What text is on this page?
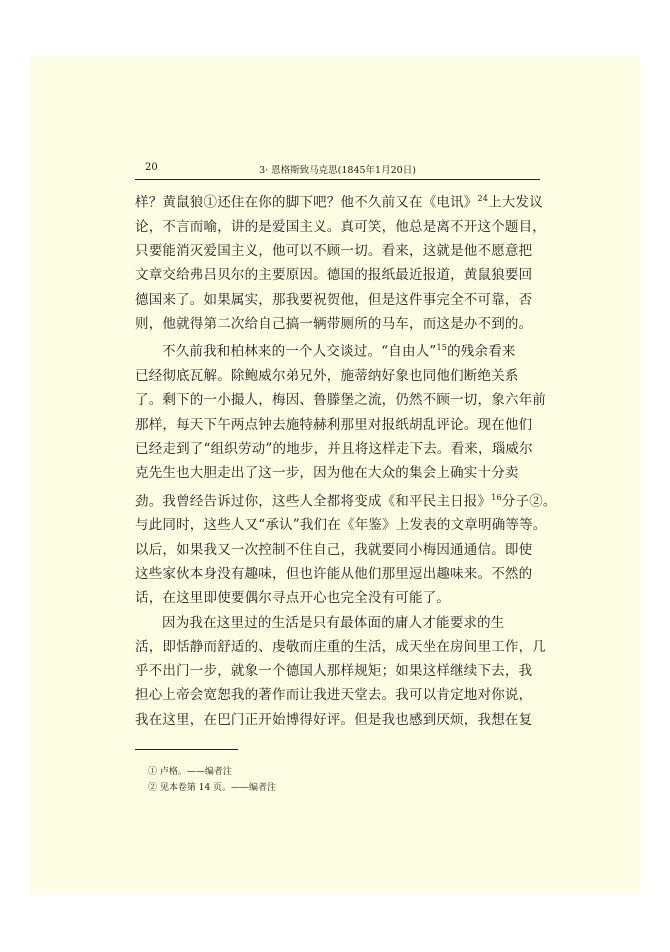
20	3· 恩格斯致马克思(1845年1月20日)
样？黄鼠狼①还住在你的脚下吧？他不久前又在《电讯》$^{24}$上大发议
论，不言而喻，讲的是爱国主义。真可笑，他总是离不开这个题目，
只要能消灭爱国主义，他可以不顾一切。看来，这就是他不愿意把
文章交给弗吕贝尔的主要原因。德国的报纸最近报道，黄鼠狼要回
德国来了。如果属实，那我要祝贺他，但是这件事完全不可靠，否
则，他就得第二次给自己搞一辆带厕所的马车，而这是办不到的。
不久前我和柏林来的一个人交谈过。“自由人”$^{15}$的残余看来
已经彻底瓦解。除鲍威尔弟兄外，施蒂纳好象也同他们断绝关系
了。剩下的一小撮人，梅因、鲁滕堡之流，仍然不顾一切，象六年前
那样，每天下午两点钟去施特赫利那里对报纸胡乱评论。现在他们
已经走到了“组织劳动”的地步，并且将这样走下去。看来，瑙威尔
克先生也大胆走出了这一步，因为他在大众的集会上确实十分卖
劲。我曾经告诉过你，这些人全都将变成《和平民主日报》$^{16}$分子②。
与此同时，这些人又“承认”我们在《年鉴》上发表的文章明确等等。
以后，如果我又一次控制不住自己，我就要同小梅因通通信。即使
这些家伙本身没有趣味，但也许能从他们那里逗出趣味来。不然的
话，在这里即使要偶尔寻点开心也完全没有可能了。
因为我在这里过的生活是只有最体面的庸人才能要求的生
活，即恬静而舒适的、虔敬而庄重的生活，成天坐在房间里工作，几
乎不出门一步，就象一个德国人那样规矩；如果这样继续下去，我
担心上帝会宽恕我的著作而让我进天堂去。我可以肯定地对你说，
我在这里，在巴门正开始博得好评。但是我也感到厌烦，我想在复
① 卢格。——编者注
② 见本卷第 14 页。——编者注
